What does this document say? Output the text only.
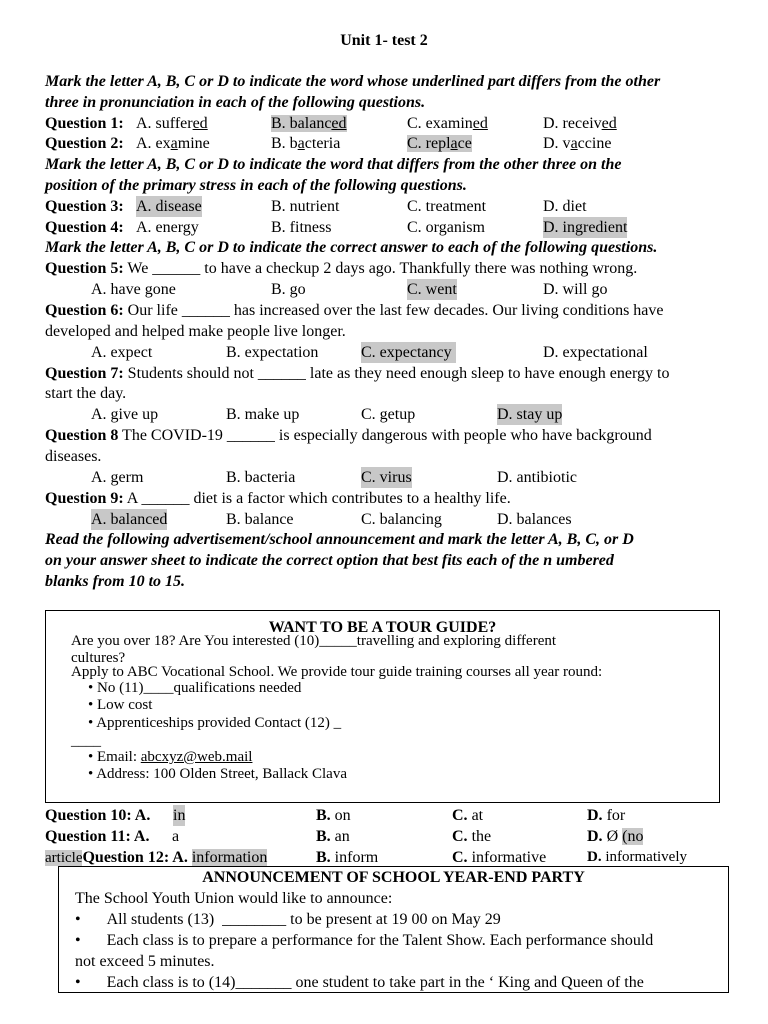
Unit 1- test 2
Mark the letter A, B, C or D to indicate the word whose underlined part differs from the other
three in pronunciation in each of the following questions.
Question 1: A. suffered	B. balanced	C. examined	D. received
Question 2: A. examine	B. bacteria	C. replace	D. vaccine
Mark the letter A, B, C or D to indicate the word that differs from the other three on the
position of the primary stress in each of the following questions.
Question 3: A. disease	B. nutrient	C. treatment	D. diet
Question 4: A. energy	B. fitness	C. organism	D. ingredient
Mark the letter A, B, C or D to indicate the correct answer to each of the following questions.
Question 5: We ______ to have a checkup 2 days ago. Thankfully there was nothing wrong.
A. have gone	B. go	C. went	D. will go
Question 6: Our life ______ has increased over the last few decades. Our living conditions have
developed and helped make people live longer.
A. expect	B. expectation	C. expectancy	D. expectational
Question 7: Students should not ______ late as they need enough sleep to have enough energy to
start the day.
A. give up	B. make up	C. getup	D. stay up
Question 8 The COVID-19 ______ is especially dangerous with people who have background
diseases.
A. germ	B. bacteria	C. virus	D. antibiotic
Question 9: A ______ diet is a factor which contributes to a healthy life.
A. balanced	B. balance	C. balancing	D. balances
Read the following advertisement/school announcement and mark the letter A, B, C, or D
on your answer sheet to indicate the correct option that best fits each of the n umbered
blanks from 10 to 15.
WANT TO BE A TOUR GUIDE?
Are you over 18? Are You interested (10)_____travelling and exploring different
cultures?
Apply to ABC Vocational School. We provide tour guide training courses all year round:
• No (11)____qualifications needed
• Low cost
• Apprenticeships provided Contact (12) _
____
• Email: abcxyz@web.mail
• Address: 100 Olden Street, Ballack Clava
Question 10: A. in	B. on	C. at	D. for
Question 11: A. a	B. an	C. the	D. Ø (no
articleQuestion 12: A. information	B. inform	C. informative	D. informatively
ANNOUNCEMENT OF SCHOOL YEAR-END PARTY
The School Youth Union would like to announce:
• All students (13)  ________ to be present at 19 00 on May 29
• Each class is to prepare a performance for the Talent Show. Each performance should
not exceed 5 minutes.
• Each class is to (14)_______ one student to take part in the ‘ King and Queen of the
